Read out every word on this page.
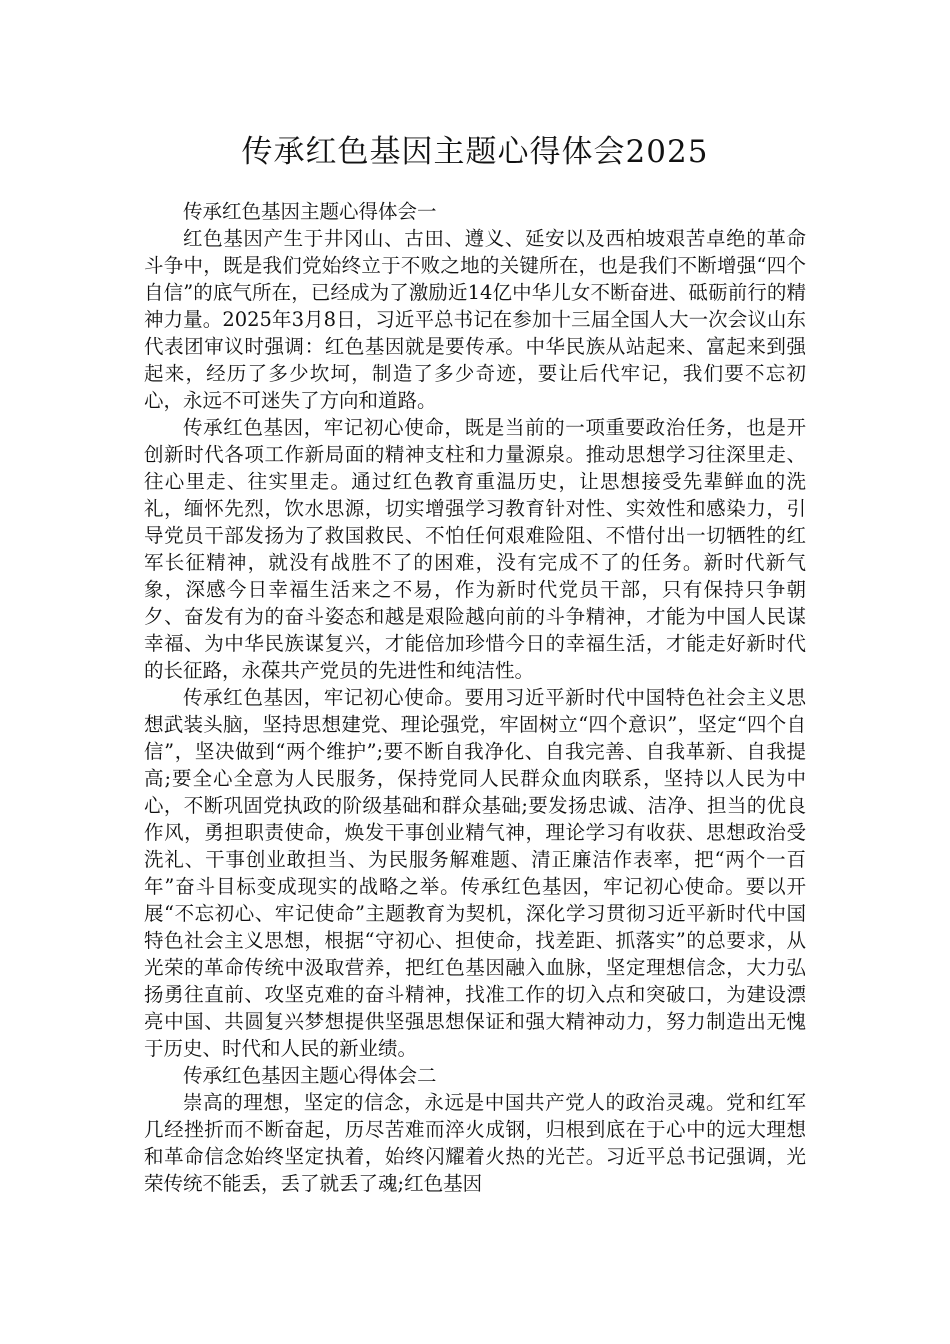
传承红色基因主题心得体会2025

传承红色基因主题心得体会一

红色基因产生于井冈山、古田、遵义、延安以及西柏坡艰苦卓绝的革命斗争中，既是我们党始终立于不败之地的关键所在，也是我们不断增强“四个自信”的底气所在，已经成为了激励近14亿中华儿女不断奋进、砥砺前行的精神力量。2025年3月8日，习近平总书记在参加十三届全国人大一次会议山东代表团审议时强调：红色基因就是要传承。中华民族从站起来、富起来到强起来，经历了多少坎坷，制造了多少奇迹，要让后代牢记，我们要不忘初心，永远不可迷失了方向和道路。

传承红色基因，牢记初心使命，既是当前的一项重要政治任务，也是开创新时代各项工作新局面的精神支柱和力量源泉。推动思想学习往深里走、往心里走、往实里走。通过红色教育重温历史，让思想接受先辈鲜血的洗礼，缅怀先烈，饮水思源，切实增强学习教育针对性、实效性和感染力，引导党员干部发扬为了救国救民、不怕任何艰难险阻、不惜付出一切牺牲的红军长征精神，就没有战胜不了的困难，没有完成不了的任务。新时代新气象，深感今日幸福生活来之不易，作为新时代党员干部，只有保持只争朝夕、奋发有为的奋斗姿态和越是艰险越向前的斗争精神，才能为中国人民谋幸福、为中华民族谋复兴，才能倍加珍惜今日的幸福生活，才能走好新时代的长征路，永葆共产党员的先进性和纯洁性。

传承红色基因，牢记初心使命。要用习近平新时代中国特色社会主义思想武装头脑，坚持思想建党、理论强党，牢固树立“四个意识”，坚定“四个自信”，坚决做到“两个维护”;要不断自我净化、自我完善、自我革新、自我提高;要全心全意为人民服务，保持党同人民群众血肉联系，坚持以人民为中心，不断巩固党执政的阶级基础和群众基础;要发扬忠诚、洁净、担当的优良作风，勇担职责使命，焕发干事创业精气神，理论学习有收获、思想政治受洗礼、干事创业敢担当、为民服务解难题、清正廉洁作表率，把“两个一百年”奋斗目标变成现实的战略之举。传承红色基因，牢记初心使命。要以开展“不忘初心、牢记使命”主题教育为契机，深化学习贯彻习近平新时代中国特色社会主义思想，根据“守初心、担使命，找差距、抓落实”的总要求，从光荣的革命传统中汲取营养，把红色基因融入血脉，坚定理想信念，大力弘扬勇往直前、攻坚克难的奋斗精神，找准工作的切入点和突破口，为建设漂亮中国、共圆复兴梦想提供坚强思想保证和强大精神动力，努力制造出无愧于历史、时代和人民的新业绩。

传承红色基因主题心得体会二

崇高的理想，坚定的信念，永远是中国共产党人的政治灵魂。党和红军几经挫折而不断奋起，历尽苦难而淬火成钢，归根到底在于心中的远大理想和革命信念始终坚定执着，始终闪耀着火热的光芒。习近平总书记强调，光荣传统不能丢，丢了就丢了魂;红色基因
